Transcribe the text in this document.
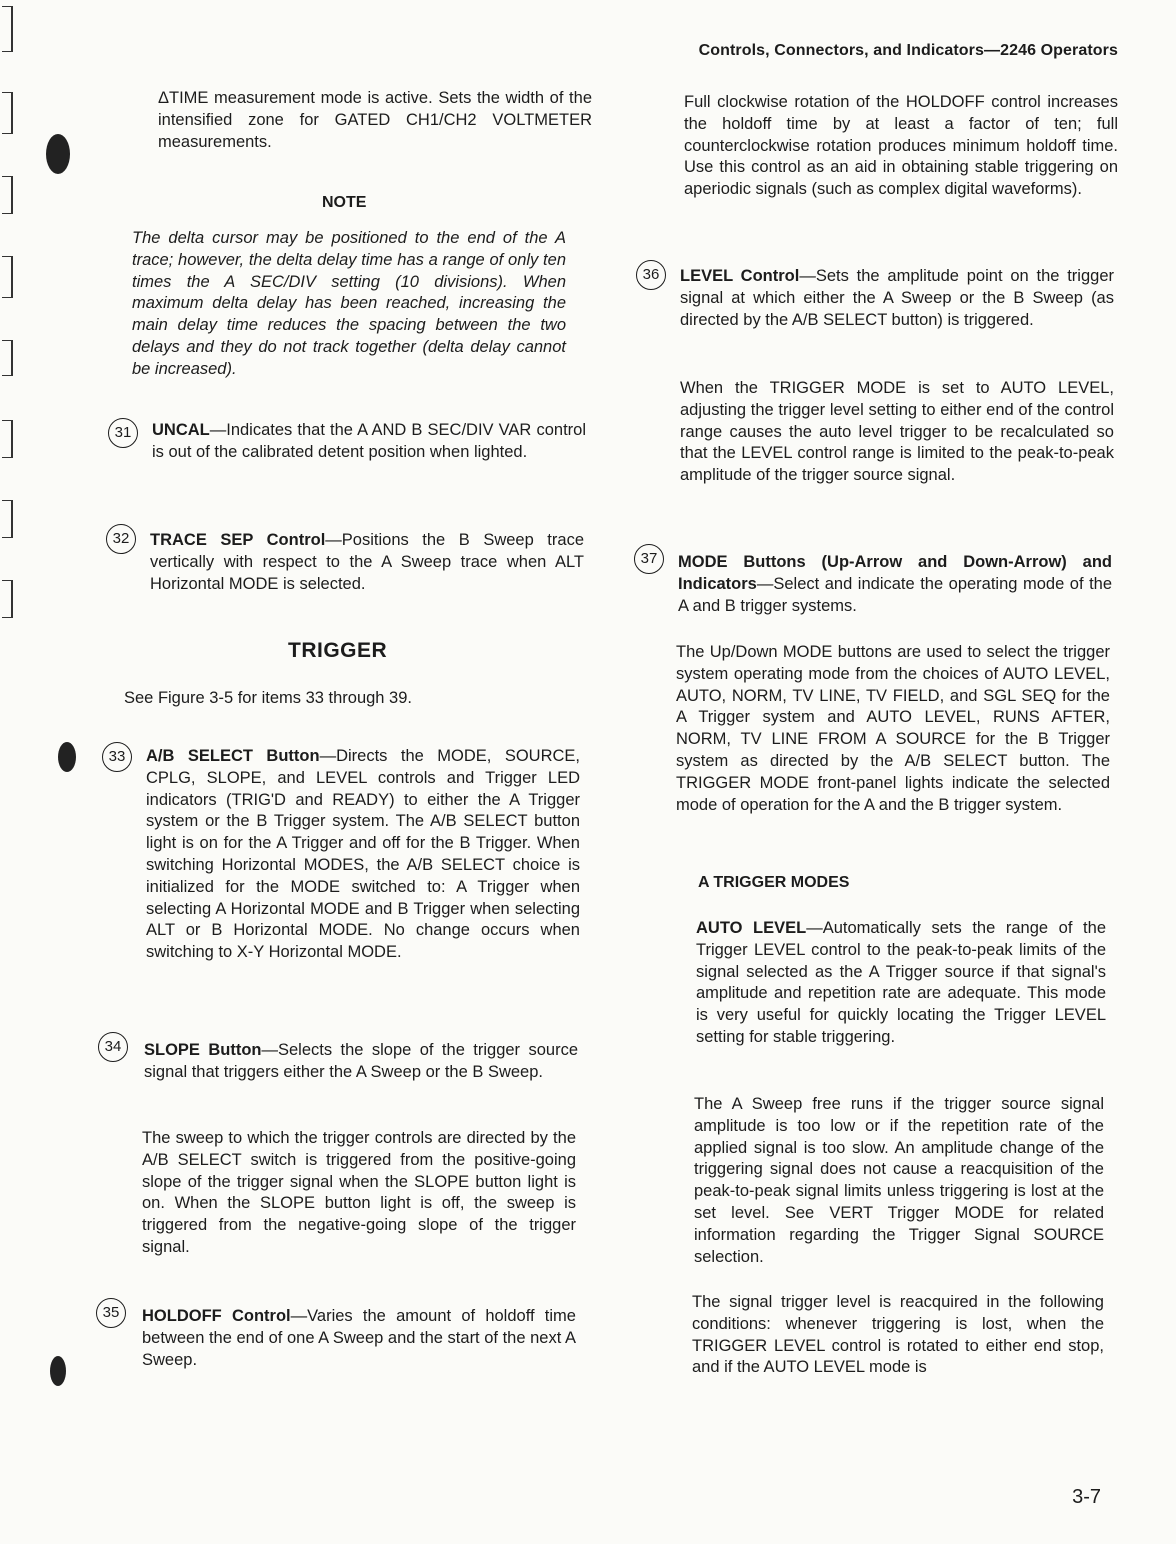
Controls, Connectors, and Indicators—2246 Operators

ΔTIME measurement mode is active. Sets the width of the intensified zone for GATED CH1/CH2 VOLTMETER measurements.

NOTE

The delta cursor may be positioned to the end of the A trace; however, the delta delay time has a range of only ten times the A SEC/DIV setting (10 divisions). When maximum delta delay has been reached, increasing the main delay time reduces the spacing between the two delays and they do not track together (delta delay cannot be increased).

31	UNCAL—Indicates that the A AND B SEC/DIV VAR control is out of the calibrated detent position when lighted.

32	TRACE SEP Control—Positions the B Sweep trace vertically with respect to the A Sweep trace when ALT Horizontal MODE is selected.

TRIGGER

See Figure 3-5 for items 33 through 39.

33	A/B SELECT Button—Directs the MODE, SOURCE, CPLG, SLOPE, and LEVEL controls and Trigger LED indicators (TRIG'D and READY) to either the A Trigger system or the B Trigger system. The A/B SELECT button light is on for the A Trigger and off for the B Trigger. When switching Horizontal MODES, the A/B SELECT choice is initialized for the MODE switched to: A Trigger when selecting A Horizontal MODE and B Trigger when selecting ALT or B Horizontal MODE. No change occurs when switching to X-Y Horizontal MODE.

34	SLOPE Button—Selects the slope of the trigger source signal that triggers either the A Sweep or the B Sweep.

The sweep to which the trigger controls are directed by the A/B SELECT switch is triggered from the positive-going slope of the trigger signal when the SLOPE button light is on. When the SLOPE button light is off, the sweep is triggered from the negative-going slope of the trigger signal.

35	HOLDOFF Control—Varies the amount of holdoff time between the end of one A Sweep and the start of the next A Sweep.

Full clockwise rotation of the HOLDOFF control increases the holdoff time by at least a factor of ten; full counterclockwise rotation produces minimum holdoff time. Use this control as an aid in obtaining stable triggering on aperiodic signals (such as complex digital waveforms).

36	LEVEL Control—Sets the amplitude point on the trigger signal at which either the A Sweep or the B Sweep (as directed by the A/B SELECT button) is triggered.

When the TRIGGER MODE is set to AUTO LEVEL, adjusting the trigger level setting to either end of the control range causes the auto level trigger to be recalculated so that the LEVEL control range is limited to the peak-to-peak amplitude of the trigger source signal.

37	MODE Buttons (Up-Arrow and Down-Arrow) and Indicators—Select and indicate the operating mode of the A and B trigger systems.

The Up/Down MODE buttons are used to select the trigger system operating mode from the choices of AUTO LEVEL, AUTO, NORM, TV LINE, TV FIELD, and SGL SEQ for the A Trigger system and AUTO LEVEL, RUNS AFTER, NORM, TV LINE FROM A SOURCE for the B Trigger system as directed by the A/B SELECT button. The TRIGGER MODE front-panel lights indicate the selected mode of operation for the A and the B trigger system.

A TRIGGER MODES

AUTO LEVEL—Automatically sets the range of the Trigger LEVEL control to the peak-to-peak limits of the signal selected as the A Trigger source if that signal's amplitude and repetition rate are adequate. This mode is very useful for quickly locating the Trigger LEVEL setting for stable triggering.

The A Sweep free runs if the trigger source signal amplitude is too low or if the repetition rate of the applied signal is too slow. An amplitude change of the triggering signal does not cause a reacquisition of the peak-to-peak signal limits unless triggering is lost at the set level. See VERT Trigger MODE for related information regarding the Trigger Signal SOURCE selection.

The signal trigger level is reacquired in the following conditions: whenever triggering is lost, when the TRIGGER LEVEL control is rotated to either end stop, and if the AUTO LEVEL mode is

3-7
